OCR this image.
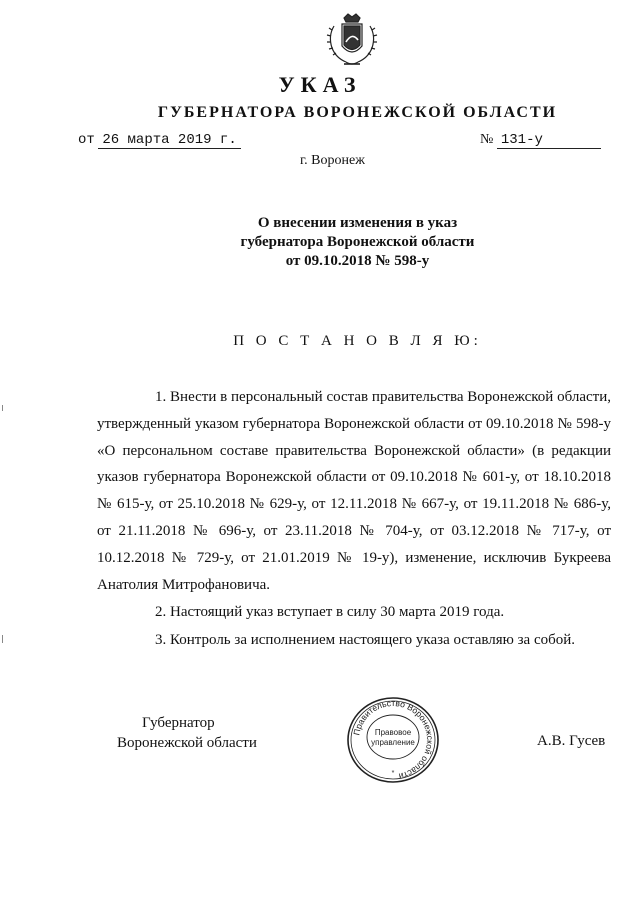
УКАЗ
ГУБЕРНАТОРА ВОРОНЕЖСКОЙ ОБЛАСТИ
от 26 марта 2019 г.	№ 131-у
г. Воронеж
О внесении изменения в указ
губернатора Воронежской области
от 09.10.2018 № 598-у
П О С Т А Н О В Л Я Ю:

1. Внести в персональный состав правительства Воронежской области, утвержденный указом губернатора Воронежской области от 09.10.2018 № 598-у «О персональном составе правительства Воронежской области» (в редакции указов губернатора Воронежской области от 09.10.2018 № 601-у, от 18.10.2018 № 615-у, от 25.10.2018 № 629-у, от 12.11.2018 № 667-у, от 19.11.2018 № 686-у, от 21.11.2018 № 696-у, от 23.11.2018 № 704-у, от 03.12.2018 № 717-у, от 10.12.2018 № 729-у, от 21.01.2019 № 19-у), изменение, исключив Букреева Анатолия Митрофановича.

2. Настоящий указ вступает в силу 30 марта 2019 года.

3. Контроль за исполнением настоящего указа оставляю за собой.

Губернатор
Воронежской области
Правительство Воронежской области
Правовое
управление
*
А.В. Гусев
